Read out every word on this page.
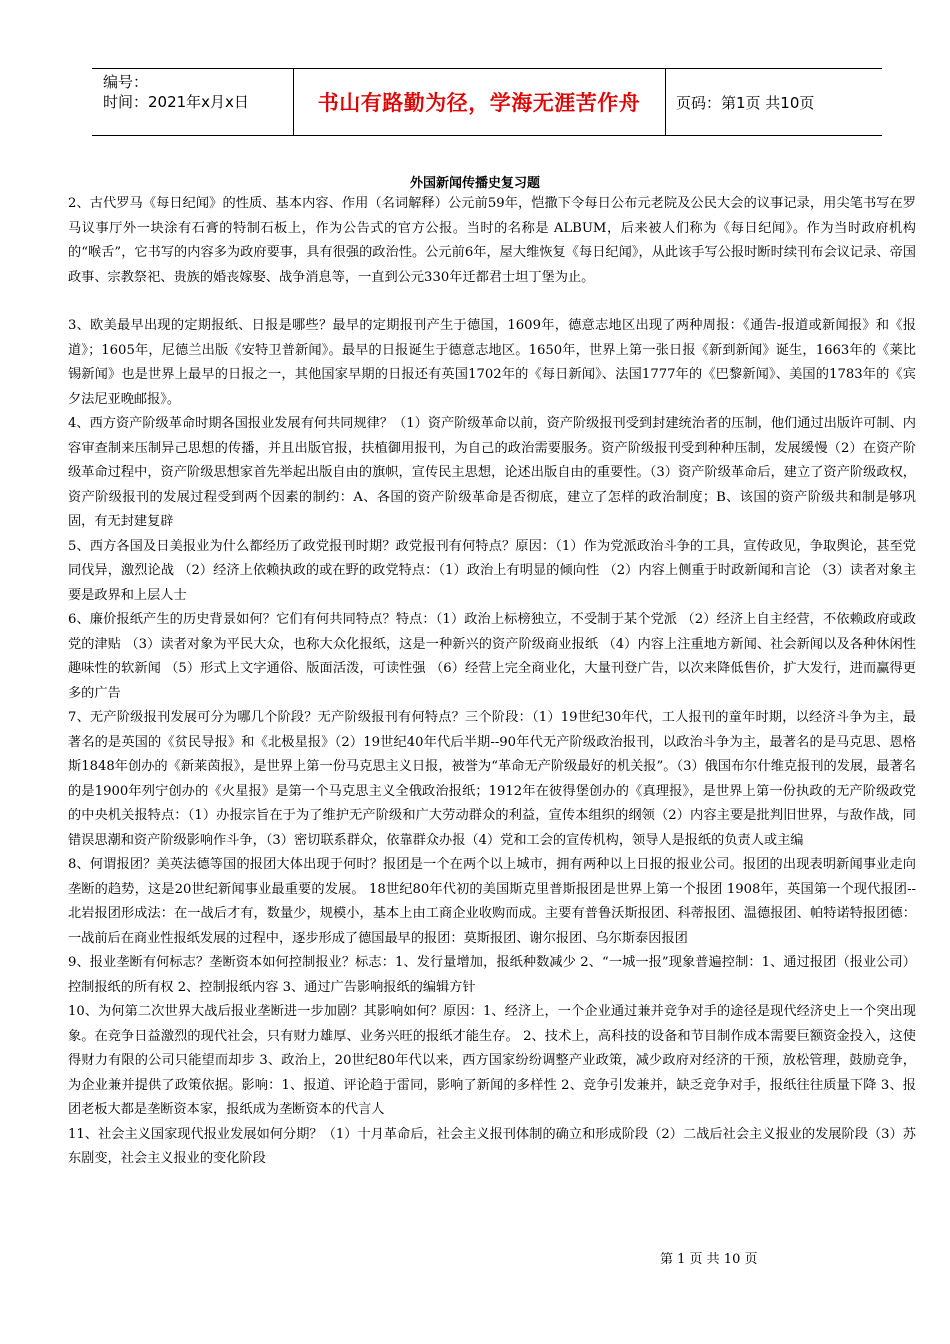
编号：
时间：2021年x月x日	书山有路勤为径，学海无涯苦作舟	页码：第1页 共10页
外国新闻传播史复习题

2、古代罗马《每日纪闻》的性质、基本内容、作用（名词解释）公元前59年，恺撒下令每日公布元老院及公民大会的议事记录，用尖笔书写在罗马议事厅外一块涂有石膏的特制石板上，作为公告式的官方公报。当时的名称是 ALBUM，后来被人们称为《每日纪闻》。作为当时政府机构的“喉舌”，它书写的内容多为政府要事，具有很强的政治性。公元前6年，屋大维恢复《每日纪闻》，从此该手写公报时断时续刊布会议记录、帝国政事、宗教祭祀、贵族的婚丧嫁娶、战争消息等，一直到公元330年迁都君士坦丁堡为止。

3、欧美最早出现的定期报纸、日报是哪些？最早的定期报刊产生于德国，1609年，德意志地区出现了两种周报：《通告-报道或新闻报》和《报道》；1605年，尼德兰出版《安特卫普新闻》。最早的日报诞生于德意志地区。1650年，世界上第一张日报《新到新闻》诞生，1663年的《莱比锡新闻》也是世界上最早的日报之一，其他国家早期的日报还有英国1702年的《每日新闻》、法国1777年的《巴黎新闻》、美国的1783年的《宾夕法尼亚晚邮报》。

4、西方资产阶级革命时期各国报业发展有何共同规律？（1）资产阶级革命以前，资产阶级报刊受到封建统治者的压制，他们通过出版许可制、内容审查制来压制异己思想的传播，并且出版官报，扶植御用报刊，为自己的政治需要服务。资产阶级报刊受到种种压制，发展缓慢（2）在资产阶级革命过程中，资产阶级思想家首先举起出版自由的旗帜，宣传民主思想，论述出版自由的重要性。（3）资产阶级革命后，建立了资产阶级政权，资产阶级报刊的发展过程受到两个因素的制约：A、各国的资产阶级革命是否彻底，建立了怎样的政治制度；B、该国的资产阶级共和制是够巩固，有无封建复辟

5、西方各国及日美报业为什么都经历了政党报刊时期？政党报刊有何特点？原因：（1）作为党派政治斗争的工具，宣传政见，争取舆论，甚至党同伐异，激烈论战 （2）经济上依赖执政的或在野的政党特点：（1）政治上有明显的倾向性 （2）内容上侧重于时政新闻和言论 （3）读者对象主要是政界和上层人士

6、廉价报纸产生的历史背景如何？它们有何共同特点？特点：（1）政治上标榜独立，不受制于某个党派 （2）经济上自主经营，不依赖政府或政党的津贴 （3）读者对象为平民大众，也称大众化报纸，这是一种新兴的资产阶级商业报纸 （4）内容上注重地方新闻、社会新闻以及各种休闲性趣味性的软新闻 （5）形式上文字通俗、版面活泼，可读性强 （6）经营上完全商业化，大量刊登广告，以次来降低售价，扩大发行，进而赢得更多的广告

7、无产阶级报刊发展可分为哪几个阶段？无产阶级报刊有何特点？三个阶段：（1）19世纪30年代，工人报刊的童年时期，以经济斗争为主，最著名的是英国的《贫民导报》和《北极星报》（2）19世纪40年代后半期--90年代无产阶级政治报刊，以政治斗争为主，最著名的是马克思、恩格斯1848年创办的《新莱茵报》，是世界上第一份马克思主义日报，被誉为“革命无产阶级最好的机关报”。（3）俄国布尔什维克报刊的发展，最著名的是1900年列宁创办的《火星报》是第一个马克思主义全俄政治报纸；1912年在彼得堡创办的《真理报》，是世界上第一份执政的无产阶级政党的中央机关报特点：（1）办报宗旨在于为了维护无产阶级和广大劳动群众的利益，宣传本组织的纲领（2）内容主要是批判旧世界，与敌作战，同错误思潮和资产阶级影响作斗争，（3）密切联系群众，依靠群众办报（4）党和工会的宣传机构，领导人是报纸的负责人或主编

8、何谓报团？美英法德等国的报团大体出现于何时？报团是一个在两个以上城市，拥有两种以上日报的报业公司。报团的出现表明新闻事业走向垄断的趋势，这是20世纪新闻事业最重要的发展。 18世纪80年代初的美国斯克里普斯报团是世界上第一个报团 1908年，英国第一个现代报团--北岩报团形成法：在一战后才有，数量少，规模小，基本上由工商企业收购而成。主要有普鲁沃斯报团、科蒂报团、温德报团、帕特诺特报团德：一战前后在商业性报纸发展的过程中，逐步形成了德国最早的报团：莫斯报团、谢尔报团、乌尔斯泰因报团

9、报业垄断有何标志？垄断资本如何控制报业？标志：1、发行量增加，报纸种数减少 2、“一城一报”现象普遍控制：1、通过报团（报业公司）控制报纸的所有权 2、控制报纸内容 3、通过广告影响报纸的编辑方针

10、为何第二次世界大战后报业垄断进一步加剧？其影响如何？原因：1、经济上，一个企业通过兼并竞争对手的途径是现代经济史上一个突出现象。在竞争日益激烈的现代社会，只有财力雄厚、业务兴旺的报纸才能生存。 2、技术上，高科技的设备和节目制作成本需要巨额资金投入，这使得财力有限的公司只能望而却步 3、政治上，20世纪80年代以来，西方国家纷纷调整产业政策，减少政府对经济的干预，放松管理，鼓励竞争，为企业兼并提供了政策依据。影响：1、报道、评论趋于雷同，影响了新闻的多样性 2、竞争引发兼并，缺乏竞争对手，报纸往往质量下降 3、报团老板大都是垄断资本家，报纸成为垄断资本的代言人

11、社会主义国家现代报业发展如何分期？（1）十月革命后，社会主义报刊体制的确立和形成阶段（2）二战后社会主义报业的发展阶段（3）苏东剧变，社会主义报业的变化阶段

第 1 页 共 10 页
